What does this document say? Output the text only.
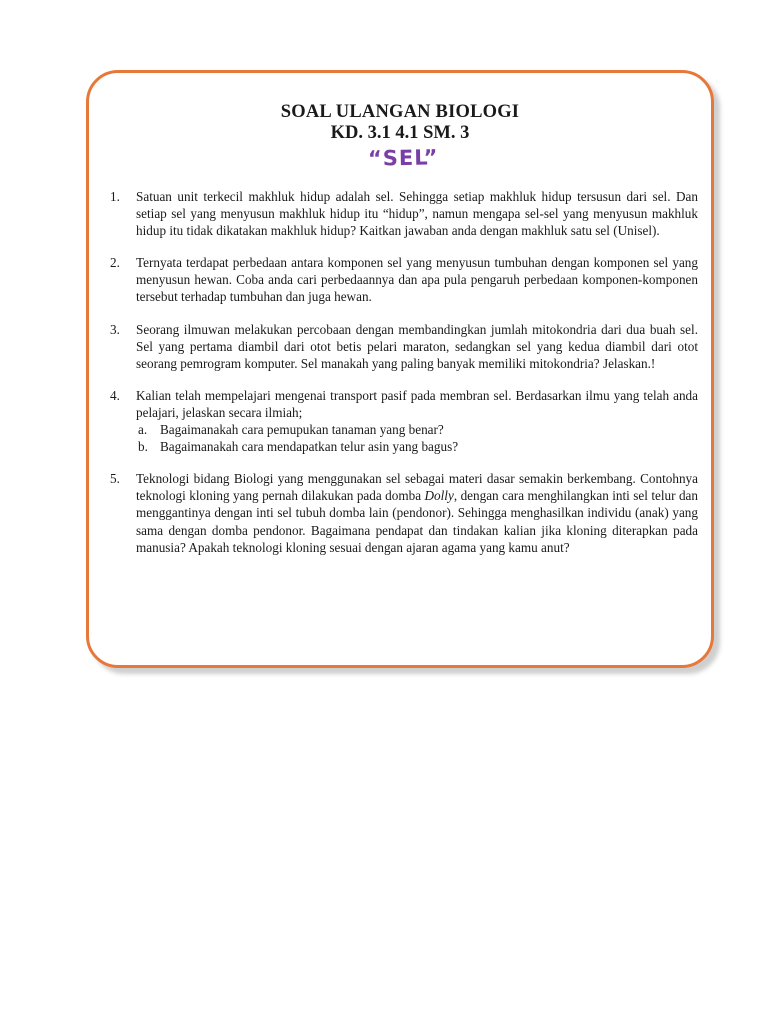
SOAL ULANGAN BIOLOGI

KD. 3.1 4.1 SM. 3

“SEL”
1. Satuan unit terkecil makhluk hidup adalah sel. Sehingga setiap makhluk hidup tersusun dari sel. Dan setiap sel yang menyusun makhluk hidup itu “hidup”, namun mengapa sel-sel yang menyusun makhluk hidup itu tidak dikatakan makhluk hidup? Kaitkan jawaban anda dengan makhluk satu sel (Unisel).
2. Ternyata terdapat perbedaan antara komponen sel yang menyusun tumbuhan dengan komponen sel yang menyusun hewan. Coba anda cari perbedaannya dan apa pula pengaruh perbedaan komponen-komponen tersebut terhadap tumbuhan dan juga hewan.
3. Seorang ilmuwan melakukan percobaan dengan membandingkan jumlah mitokondria dari dua buah sel. Sel yang pertama diambil dari otot betis pelari maraton, sedangkan sel yang kedua diambil dari otot seorang pemrogram komputer. Sel manakah yang paling banyak memiliki mitokondria? Jelaskan.!
4. Kalian telah mempelajari mengenai transport pasif pada membran sel. Berdasarkan ilmu yang telah anda pelajari, jelaskan secara ilmiah;
a. Bagaimanakah cara pemupukan tanaman yang benar?
b. Bagaimanakah cara mendapatkan telur asin yang bagus?
5. Teknologi bidang Biologi yang menggunakan sel sebagai materi dasar semakin berkembang. Contohnya teknologi kloning yang pernah dilakukan pada domba Dolly, dengan cara menghilangkan inti sel telur dan menggantinya dengan inti sel tubuh domba lain (pendonor). Sehingga menghasilkan individu (anak) yang sama dengan domba pendonor. Bagaimana pendapat dan tindakan kalian jika kloning diterapkan pada manusia? Apakah teknologi kloning sesuai dengan ajaran agama yang kamu anut?
